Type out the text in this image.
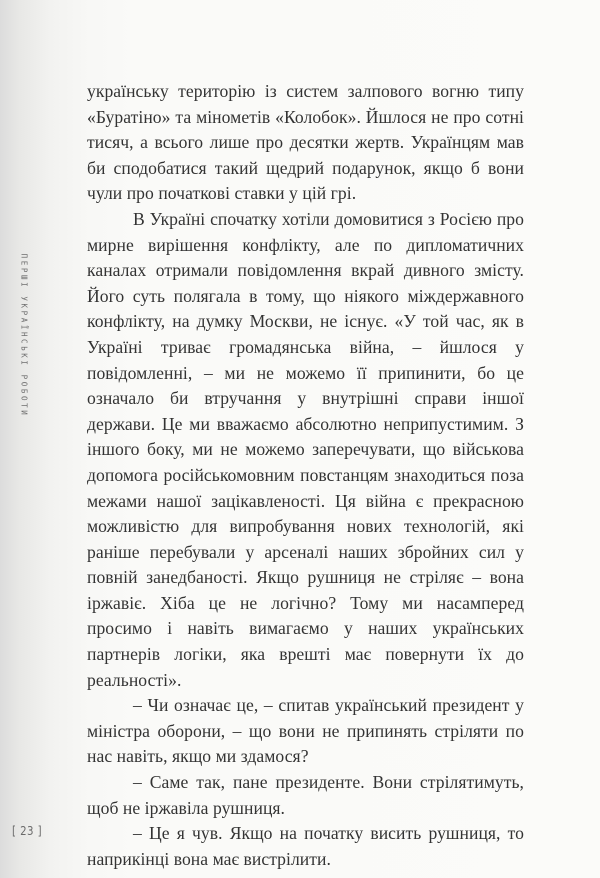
ПЕРШІ УКРАЇНСЬКІ РОБОТИ

українську територію із систем залпового вогню типу «Буратіно» та мінометів «Колобок». Йшлося не про сотні тисяч, а всього лише про десятки жертв. Українцям мав би сподобатися такий щедрий подарунок, якщо б вони чули про початкові ставки у цій грі.

В Україні спочатку хотіли домовитися з Росією про мирне вирішення конфлікту, але по дипломатичних каналах отримали повідомлення вкрай дивного змісту. Його суть полягала в тому, що ніякого міждержавного конфлікту, на думку Москви, не існує. «У той час, як в Україні триває громадянська війна, – йшлося у повідомленні, – ми не можемо її припинити, бо це означало би втручання у внутрішні справи іншої держави. Це ми вважаємо абсолютно неприпустимим. З іншого боку, ми не можемо заперечувати, що військова допомога російськомовним повстанцям знаходиться поза межами нашої зацікавленості. Ця війна є прекрасною можливістю для випробування нових технологій, які раніше перебували у арсеналі наших збройних сил у повній занедбаності. Якщо рушниця не стріляє – вона іржавіє. Хіба це не логічно? Тому ми насамперед просимо і навіть вимагаємо у наших українських партнерів логіки, яка врешті має повернути їх до реальності».

– Чи означає це, – спитав український президент у міністра оборони, – що вони не припинять стріляти по нас навіть, якщо ми здамося?

– Саме так, пане президенте. Вони стрілятимуть, щоб не іржавіла рушниця.

– Це я чув. Якщо на початку висить рушниця, то наприкінці вона має вистрілити.

[ 23 ]
